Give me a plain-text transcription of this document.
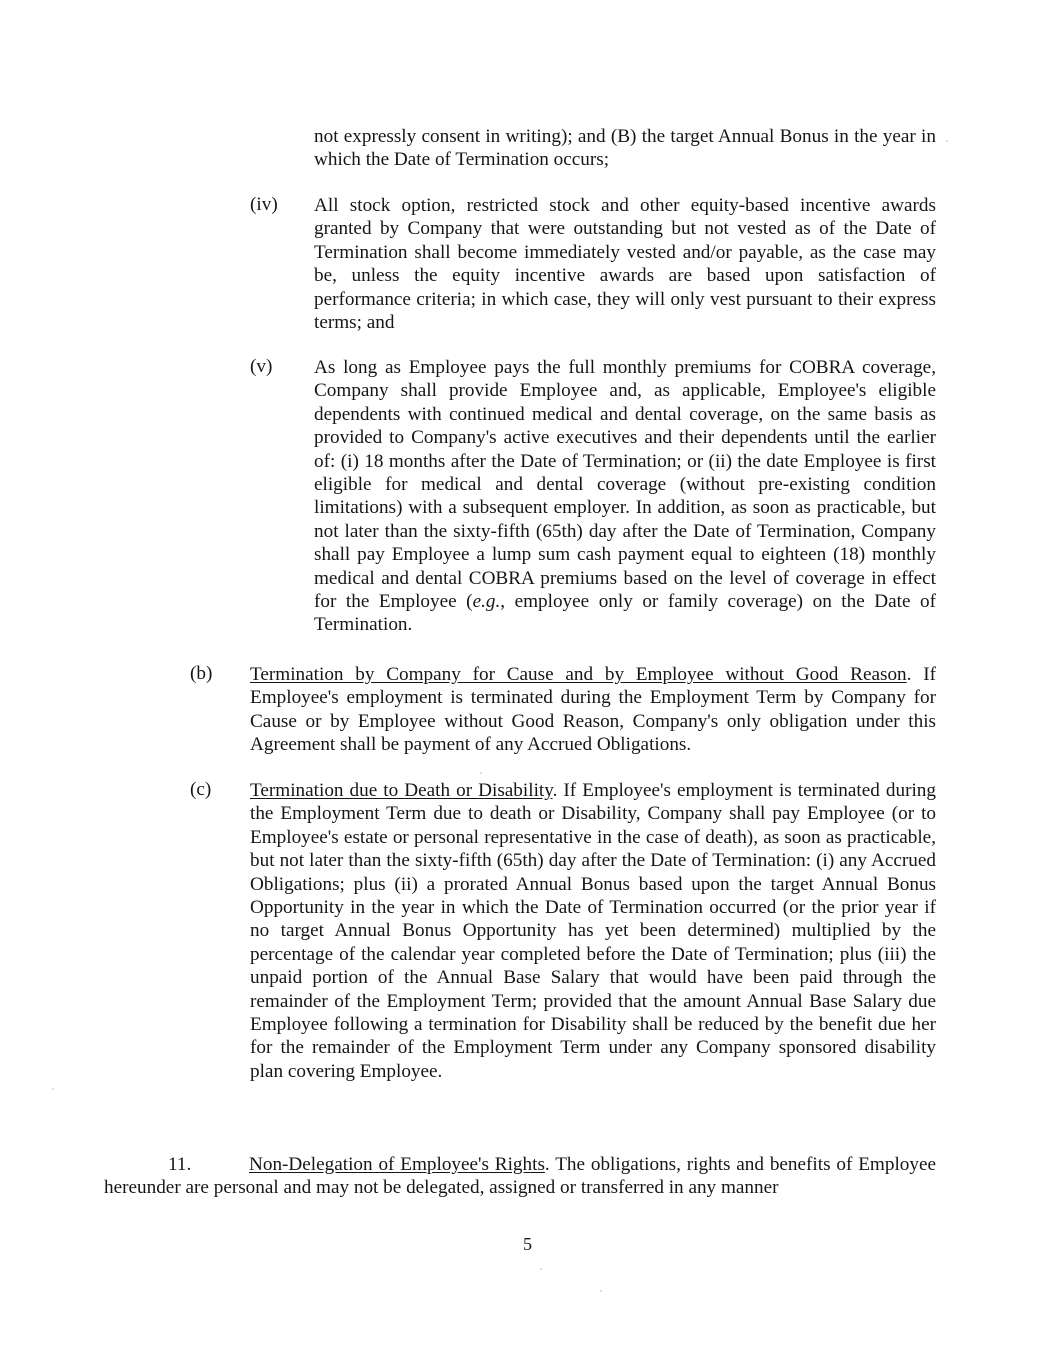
not expressly consent in writing); and (B) the target Annual Bonus in the year in which the Date of Termination occurs;
(iv) All stock option, restricted stock and other equity-based incentive awards granted by Company that were outstanding but not vested as of the Date of Termination shall become immediately vested and/or payable, as the case may be, unless the equity incentive awards are based upon satisfaction of performance criteria; in which case, they will only vest pursuant to their express terms; and
(v) As long as Employee pays the full monthly premiums for COBRA coverage, Company shall provide Employee and, as applicable, Employee's eligible dependents with continued medical and dental coverage, on the same basis as provided to Company's active executives and their dependents until the earlier of: (i) 18 months after the Date of Termination; or (ii) the date Employee is first eligible for medical and dental coverage (without pre-existing condition limitations) with a subsequent employer. In addition, as soon as practicable, but not later than the sixty-fifth (65th) day after the Date of Termination, Company shall pay Employee a lump sum cash payment equal to eighteen (18) monthly medical and dental COBRA premiums based on the level of coverage in effect for the Employee (e.g., employee only or family coverage) on the Date of Termination.
(b) Termination by Company for Cause and by Employee without Good Reason. If Employee's employment is terminated during the Employment Term by Company for Cause or by Employee without Good Reason, Company's only obligation under this Agreement shall be payment of any Accrued Obligations.
(c) Termination due to Death or Disability. If Employee's employment is terminated during the Employment Term due to death or Disability, Company shall pay Employee (or to Employee's estate or personal representative in the case of death), as soon as practicable, but not later than the sixty-fifth (65th) day after the Date of Termination: (i) any Accrued Obligations; plus (ii) a prorated Annual Bonus based upon the target Annual Bonus Opportunity in the year in which the Date of Termination occurred (or the prior year if no target Annual Bonus Opportunity has yet been determined) multiplied by the percentage of the calendar year completed before the Date of Termination; plus (iii) the unpaid portion of the Annual Base Salary that would have been paid through the remainder of the Employment Term; provided that the amount Annual Base Salary due Employee following a termination for Disability shall be reduced by the benefit due her for the remainder of the Employment Term under any Company sponsored disability plan covering Employee.
11.	Non-Delegation of Employee's Rights. The obligations, rights and benefits of Employee hereunder are personal and may not be delegated, assigned or transferred in any manner
5
